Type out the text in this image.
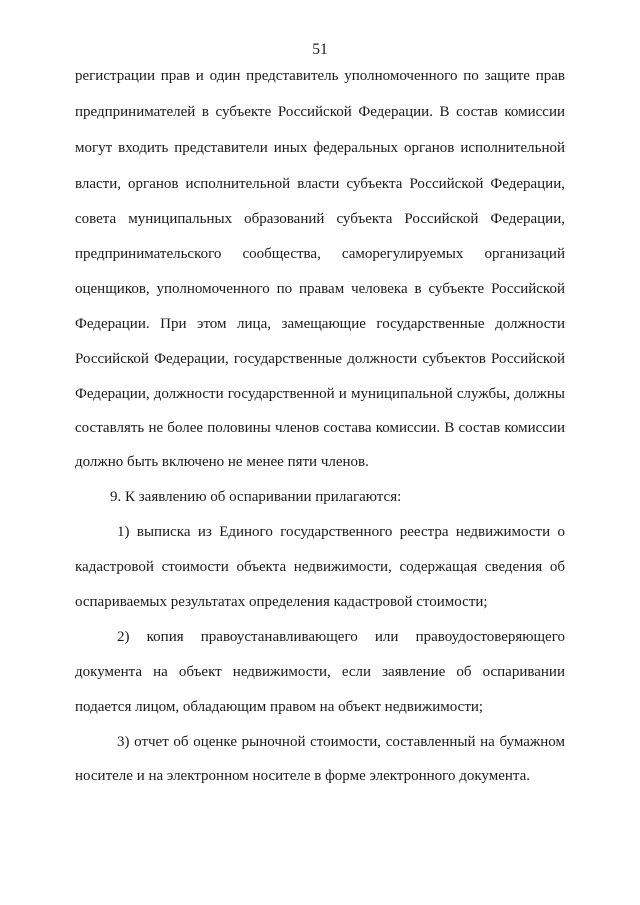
51
регистрации прав и один представитель уполномоченного по защите прав
предпринимателей в субъекте Российской Федерации. В состав комиссии
могут входить представители иных федеральных органов исполнительной
власти, органов исполнительной власти субъекта Российской Федерации,
совета муниципальных образований субъекта Российской Федерации,
предпринимательского сообщества, саморегулируемых организаций
оценщиков, уполномоченного по правам человека в субъекте Российской
Федерации. При этом лица, замещающие государственные должности
Российской Федерации, государственные должности субъектов Российской
Федерации, должности государственной и муниципальной службы, должны
составлять не более половины членов состава комиссии. В состав комиссии
должно быть включено не менее пяти членов.
9. К заявлению об оспаривании прилагаются:
1) выписка из Единого государственного реестра недвижимости о
кадастровой стоимости объекта недвижимости, содержащая сведения об
оспариваемых результатах определения кадастровой стоимости;
2) копия правоустанавливающего или правоудостоверяющего
документа на объект недвижимости, если заявление об оспаривании
подается лицом, обладающим правом на объект недвижимости;
3) отчет об оценке рыночной стоимости, составленный на бумажном
носителе и на электронном носителе в форме электронного документа.
